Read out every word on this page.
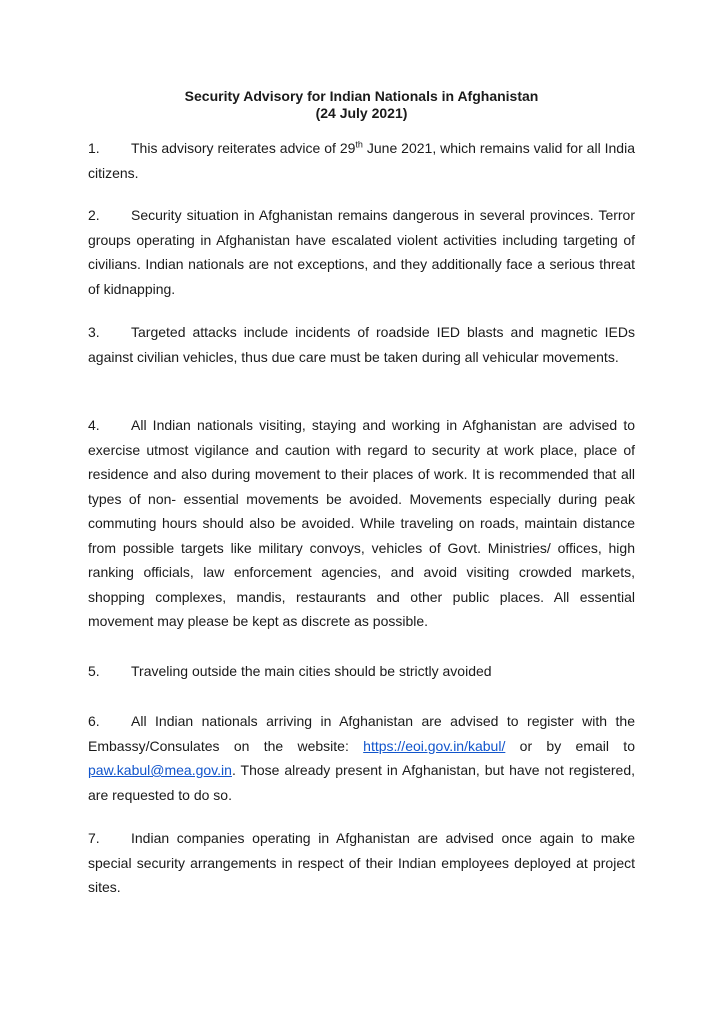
Security Advisory for Indian Nationals in Afghanistan
(24 July 2021)
1. This advisory reiterates advice of 29th June 2021, which remains valid for all India citizens.
2. Security situation in Afghanistan remains dangerous in several provinces. Terror groups operating in Afghanistan have escalated violent activities including targeting of civilians. Indian nationals are not exceptions, and they additionally face a serious threat of kidnapping.
3. Targeted attacks include incidents of roadside IED blasts and magnetic IEDs against civilian vehicles, thus due care must be taken during all vehicular movements.
4. All Indian nationals visiting, staying and working in Afghanistan are advised to exercise utmost vigilance and caution with regard to security at work place, place of residence and also during movement to their places of work. It is recommended that all types of non- essential movements be avoided. Movements especially during peak commuting hours should also be avoided. While traveling on roads, maintain distance from possible targets like military convoys, vehicles of Govt. Ministries/ offices, high ranking officials, law enforcement agencies, and avoid visiting crowded markets, shopping complexes, mandis, restaurants and other public places. All essential movement may please be kept as discrete as possible.
5. Traveling outside the main cities should be strictly avoided
6. All Indian nationals arriving in Afghanistan are advised to register with the Embassy/Consulates on the website: https://eoi.gov.in/kabul/ or by email to paw.kabul@mea.gov.in. Those already present in Afghanistan, but have not registered, are requested to do so.
7. Indian companies operating in Afghanistan are advised once again to make special security arrangements in respect of their Indian employees deployed at project sites.
